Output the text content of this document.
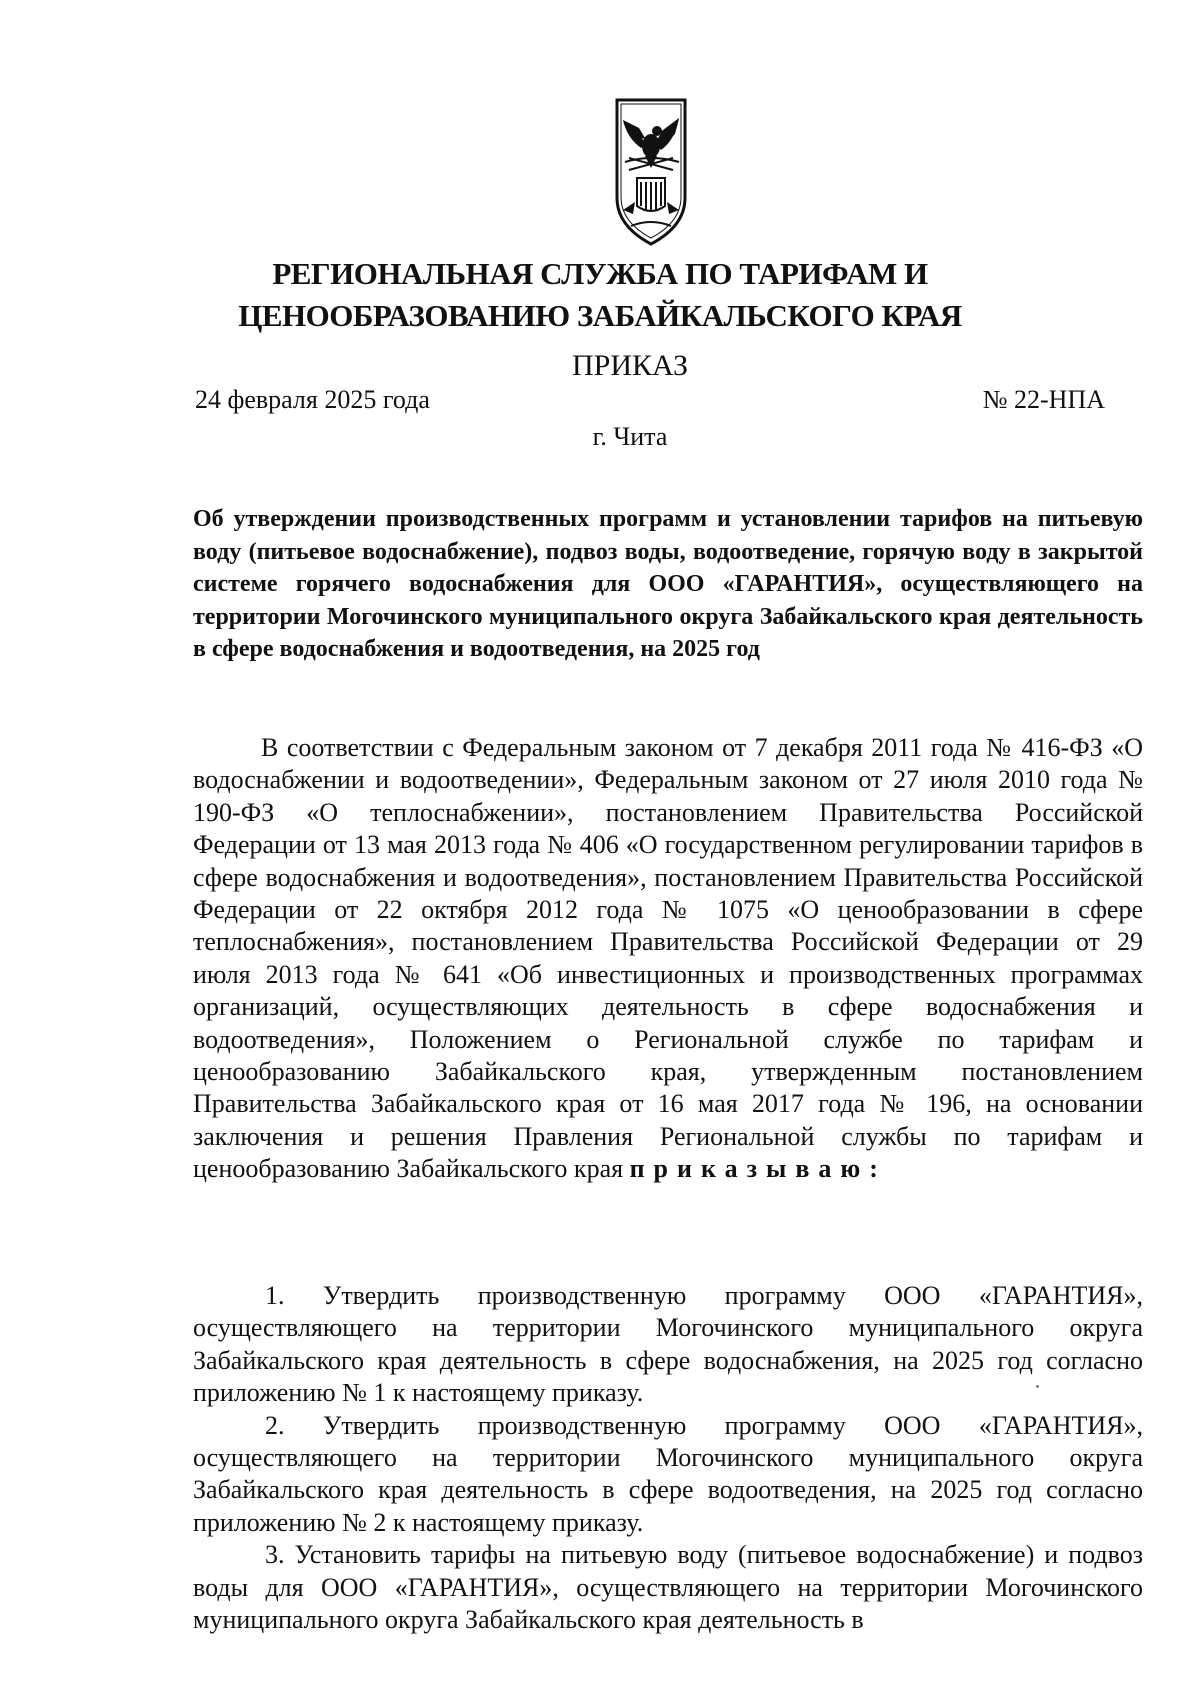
РЕГИОНАЛЬНАЯ СЛУЖБА ПО ТАРИФАМ И
ЦЕНООБРАЗОВАНИЮ ЗАБАЙКАЛЬСКОГО КРАЯ
ПРИКАЗ
24 февраля 2025 года	№ 22-НПА
г. Чита
Об утверждении производственных программ и установлении тарифов на питьевую воду (питьевое водоснабжение), подвоз воды, водоотведение, горячую воду в закрытой системе горячего водоснабжения для ООО «ГАРАНТИЯ», осуществляющего на территории Могочинского муниципального округа Забайкальского края деятельность в сфере водоснабжения и водоотведения, на 2025 год

В соответствии с Федеральным законом от 7 декабря 2011 года № 416-ФЗ «О водоснабжении и водоотведении», Федеральным законом от 27 июля 2010 года № 190-ФЗ «О теплоснабжении», постановлением Правительства Российской Федерации от 13 мая 2013 года № 406 «О государственном регулировании тарифов в сфере водоснабжения и водоотведения», постановлением Правительства Российской Федерации от 22 октября 2012 года № 1075 «О ценообразовании в сфере теплоснабжения», постановлением Правительства Российской Федерации от 29 июля 2013 года № 641 «Об инвестиционных и производственных программах организаций, осуществляющих деятельность в сфере водоснабжения и водоотведения», Положением о Региональной службе по тарифам и ценообразованию Забайкальского края, утвержденным постановлением Правительства Забайкальского края от 16 мая 2017 года № 196, на основании заключения и решения Правления Региональной службы по тарифам и ценообразованию Забайкальского края приказываю:

1. Утвердить производственную программу ООО «ГАРАНТИЯ», осуществляющего на территории Могочинского муниципального округа Забайкальского края деятельность в сфере водоснабжения, на 2025 год согласно приложению № 1 к настоящему приказу.

2. Утвердить производственную программу ООО «ГАРАНТИЯ», осуществляющего на территории Могочинского муниципального округа Забайкальского края деятельность в сфере водоотведения, на 2025 год согласно приложению № 2 к настоящему приказу.

3. Установить тарифы на питьевую воду (питьевое водоснабжение) и подвоз воды для ООО «ГАРАНТИЯ», осуществляющего на территории Могочинского муниципального округа Забайкальского края деятельность в
